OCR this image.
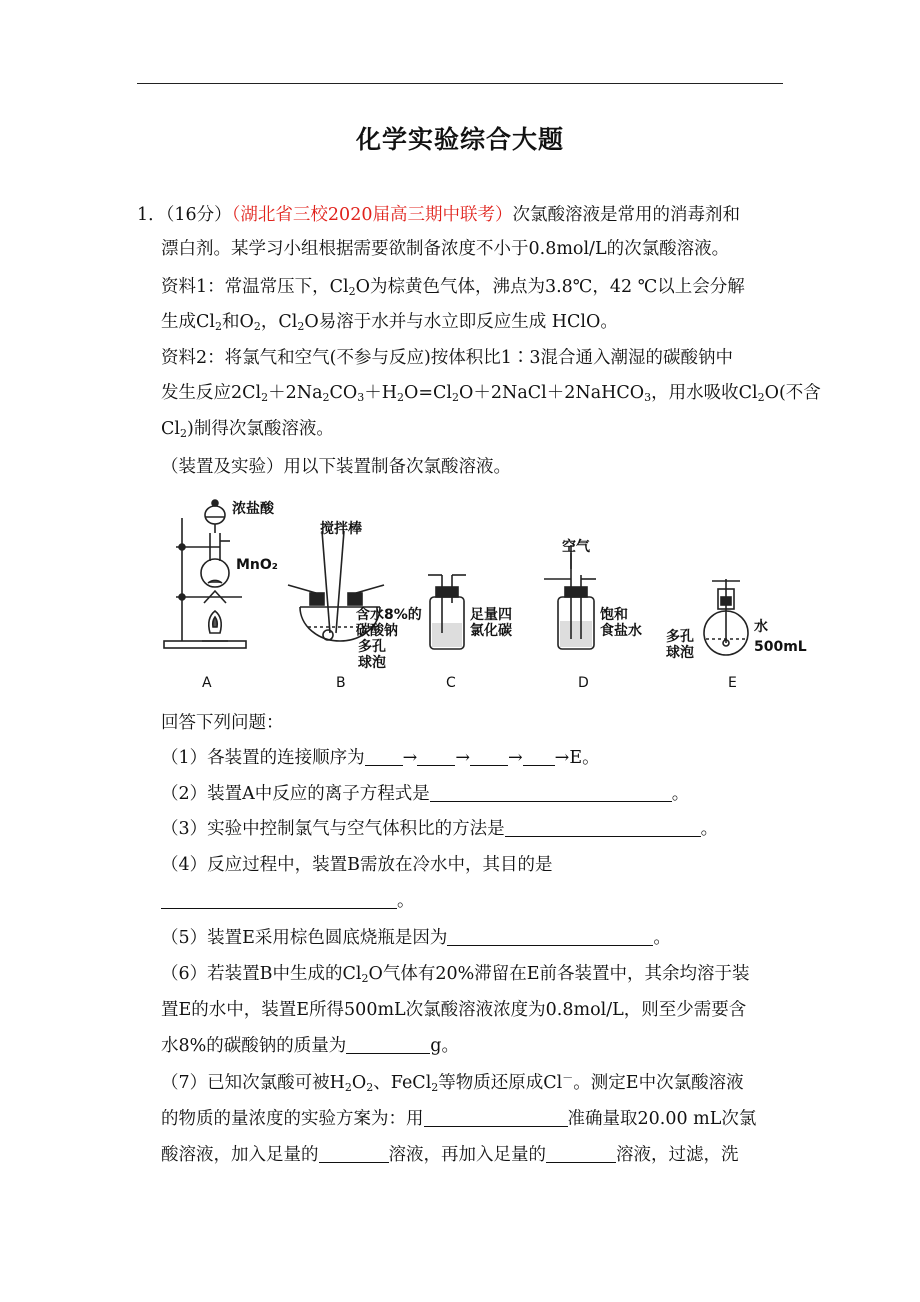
化学实验综合大题
1．（16分）（湖北省三校2020届高三期中联考）次氯酸溶液是常用的消毒剂和
漂白剂。某学习小组根据需要欲制备浓度不小于0.8mol/L的次氯酸溶液。
资料1：常温常压下，$Cl_2O$为棕黄色气体，沸点为3.8℃，42 ℃以上会分解
生成$Cl_2$和$O_2$，$Cl_2O$易溶于水并与水立即反应生成 HClO。
资料2：将氯气和空气(不参与反应)按体积比1∶3混合通入潮湿的碳酸钠中
发生反应$2Cl_2+2Na_2CO_3+H_2O=Cl_2O+2NaCl+2NaHCO_3$，用水吸收$Cl_2O$(不含
$Cl_2$)制得次氯酸溶液。
（装置及实验）用以下装置制备次氯酸溶液。
浓盐酸
MnO₂
搅拌棒
含水8%的
碳酸钠
多孔
球泡
足量四
氯化碳
空气
饱和
食盐水 多孔
球泡
水
500mL
A	B	C	D	E
回答下列问题：
（1）各装置的连接顺序为 → → → →E。
（2）装置A中反应的离子方程式是	。
（3）实验中控制氯气与空气体积比的方法是	。
（4）反应过程中，装置B需放在冷水中，其目的是
。
（5）装置E采用棕色圆底烧瓶是因为	。
（6）若装置B中生成的$Cl_2O$气体有20%滞留在E前各装置中，其余均溶于装
置E的水中，装置E所得500mL次氯酸溶液浓度为0.8mol/L，则至少需要含
水8%的碳酸钠的质量为	g。
（7）已知次氯酸可被$H_2O_2$、FeCl$_2$等物质还原成Cl－。测定E中次氯酸溶液
的物质的量浓度的实验方案为：用	准确量取20.00 mL次氯
酸溶液，加入足量的	溶液，再加入足量的	溶液，过滤，洗
